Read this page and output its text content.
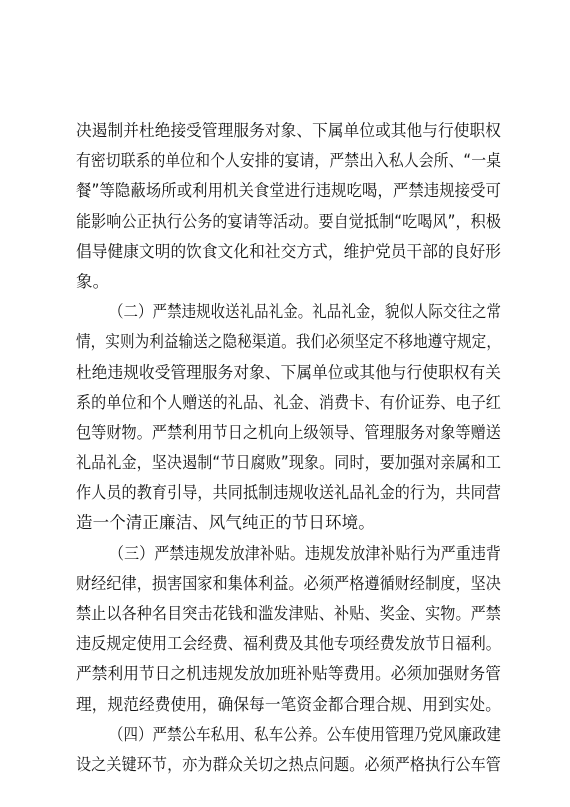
决遏制并杜绝接受管理服务对象、下属单位或其他与行使职权
有密切联系的单位和个人安排的宴请，严禁出入私人会所、“一桌
餐”等隐蔽场所或利用机关食堂进行违规吃喝，严禁违规接受可
能影响公正执行公务的宴请等活动。要自觉抵制“吃喝风”，积极
倡导健康文明的饮食文化和社交方式，维护党员干部的良好形
象。
（二）严禁违规收送礼品礼金。礼品礼金，貌似人际交往之常
情，实则为利益输送之隐秘渠道。我们必须坚定不移地遵守规定，
杜绝违规收受管理服务对象、下属单位或其他与行使职权有关
系的单位和个人赠送的礼品、礼金、消费卡、有价证券、电子红
包等财物。严禁利用节日之机向上级领导、管理服务对象等赠送
礼品礼金，坚决遏制“节日腐败”现象。同时，要加强对亲属和工
作人员的教育引导，共同抵制违规收送礼品礼金的行为，共同营
造一个清正廉洁、风气纯正的节日环境。
（三）严禁违规发放津补贴。违规发放津补贴行为严重违背
财经纪律，损害国家和集体利益。必须严格遵循财经制度，坚决
禁止以各种名目突击花钱和滥发津贴、补贴、奖金、实物。严禁
违反规定使用工会经费、福利费及其他专项经费发放节日福利。
严禁利用节日之机违规发放加班补贴等费用。必须加强财务管
理，规范经费使用，确保每一笔资金都合理合规、用到实处。
（四）严禁公车私用、私车公养。公车使用管理乃党风廉政建
设之关键环节，亦为群众关切之热点问题。必须严格执行公车管
